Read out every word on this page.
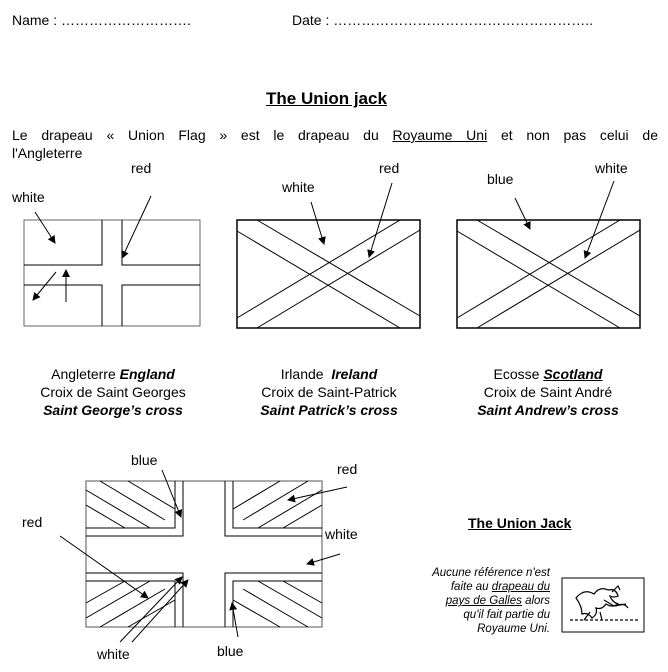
Name : ……………………….	Date : ………………………………………………..
The Union jack
Le drapeau « Union Flag » est le drapeau du Royaume Uni et non pas celui de
l'Angleterre
white
red
white
red
blue
white
Angleterre England
Croix de Saint Georges
Saint George’s cross
Irlande Ireland
Croix de Saint-Patrick
Saint Patrick’s cross
Ecosse Scotland
Croix de Saint André
Saint Andrew’s cross
blue
red
red
white
white	blue
The Union Jack
Aucune référence n'est
faite au drapeau du
pays de Galles alors
qu'il fait partie du
Royaume Uni.
